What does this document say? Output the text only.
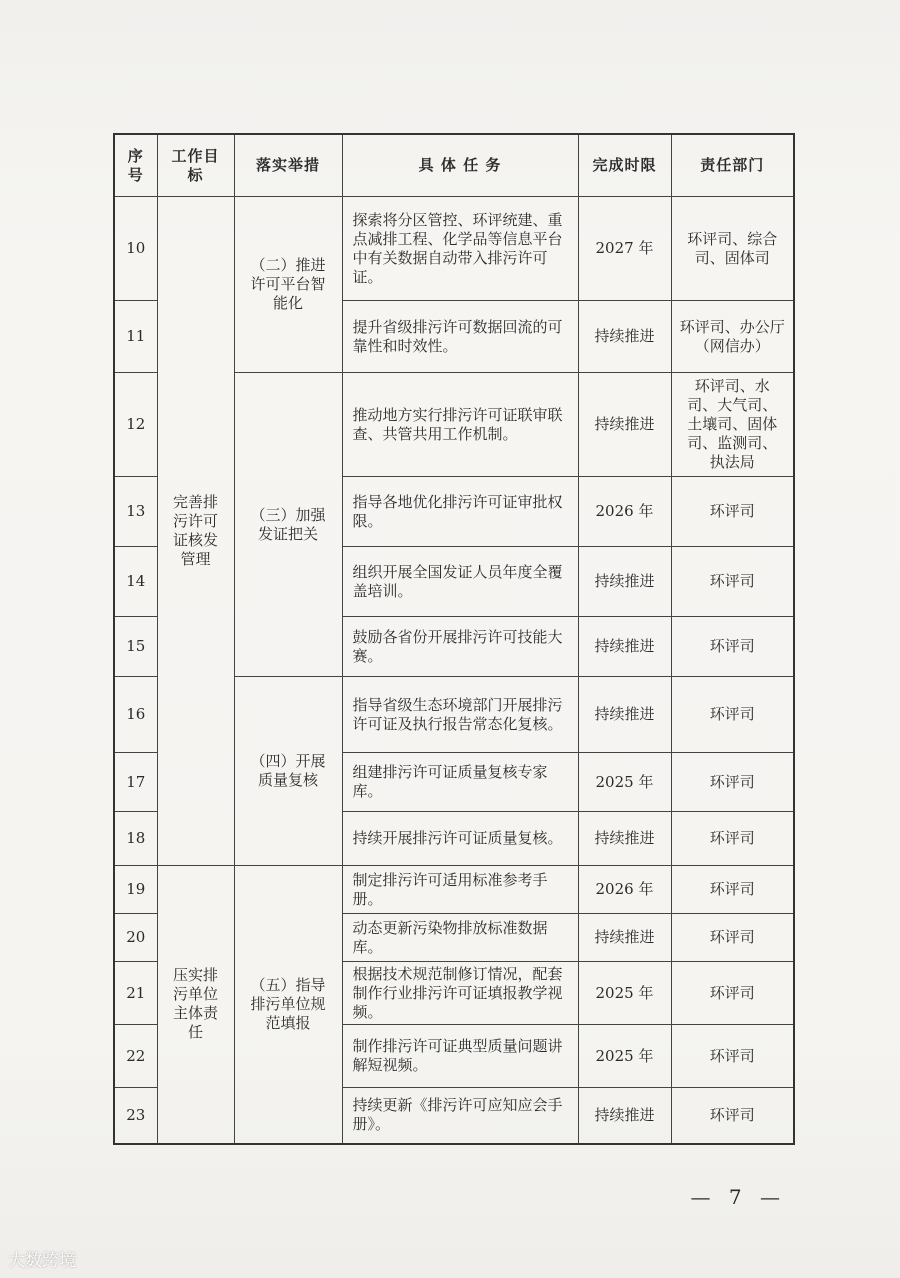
序号	工作目标	落实举措	具 体 任 务	完成时限	责任部门
10	完善排污许可证核发管理	（二）推进许可平台智能化	探索将分区管控、环评统建、重点减排工程、化学品等信息平台中有关数据自动带入排污许可证。	2027 年	环评司、综合司、固体司
11			提升省级排污许可数据回流的可靠性和时效性。	持续推进	环评司、办公厅（网信办）
12		（三）加强发证把关	推动地方实行排污许可证联审联查、共管共用工作机制。	持续推进	环评司、水司、大气司、土壤司、固体司、监测司、执法局
13			指导各地优化排污许可证审批权限。	2026 年	环评司
14			组织开展全国发证人员年度全覆盖培训。	持续推进	环评司
15			鼓励各省份开展排污许可技能大赛。	持续推进	环评司
16		（四）开展质量复核	指导省级生态环境部门开展排污许可证及执行报告常态化复核。	持续推进	环评司
17			组建排污许可证质量复核专家库。	2025 年	环评司
18			持续开展排污许可证质量复核。	持续推进	环评司
19	压实排污单位主体责任	（五）指导排污单位规范填报	制定排污许可适用标准参考手册。	2026 年	环评司
20			动态更新污染物排放标准数据库。	持续推进	环评司
21			根据技术规范制修订情况，配套制作行业排污许可证填报教学视频。	2025 年	环评司
22			制作排污许可证典型质量问题讲解短视频。	2025 年	环评司
23			持续更新《排污许可应知应会手册》。	持续推进	环评司
— 7 —
大数跨境
